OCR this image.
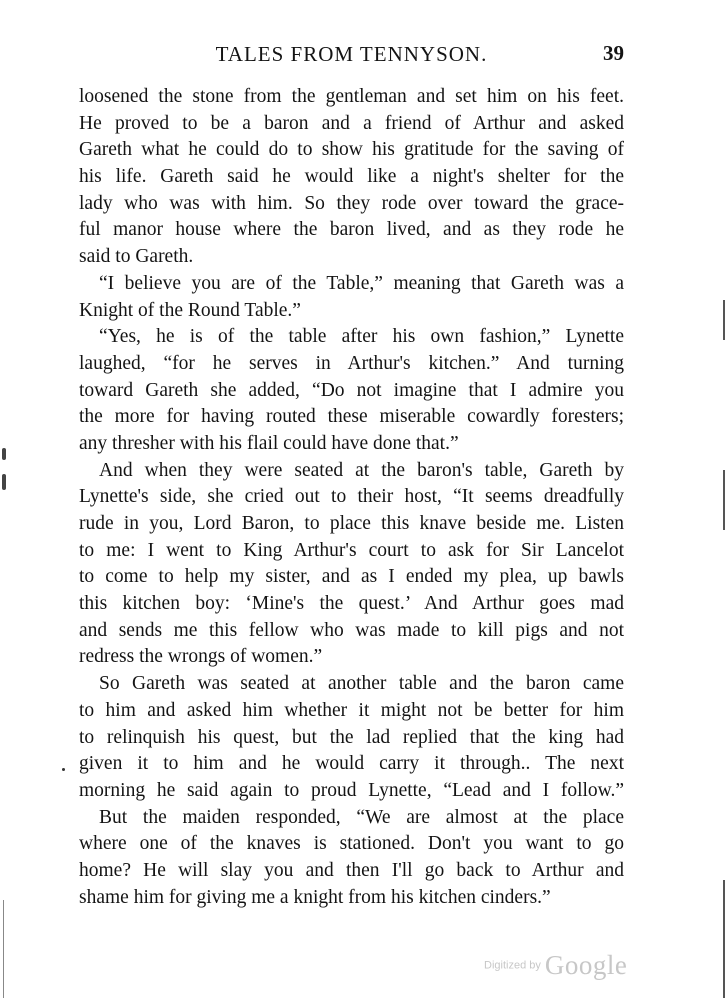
TALES FROM TENNYSON.	39
loosened the stone from the gentleman and set him on his feet.
He proved to be a baron and a friend of Arthur and asked
Gareth what he could do to show his gratitude for the saving of
his life. Gareth said he would like a night's shelter for the
lady who was with him. So they rode over toward the grace-
ful manor house where the baron lived, and as they rode he
said to Gareth.
“I believe you are of the Table,” meaning that Gareth was a
Knight of the Round Table.”
“Yes, he is of the table after his own fashion,” Lynette
laughed, “for he serves in Arthur's kitchen.” And turning
toward Gareth she added, “Do not imagine that I admire you
the more for having routed these miserable cowardly foresters;
any thresher with his flail could have done that.”
And when they were seated at the baron's table, Gareth by
Lynette's side, she cried out to their host, “It seems dreadfully
rude in you, Lord Baron, to place this knave beside me. Listen
to me: I went to King Arthur's court to ask for Sir Lancelot
to come to help my sister, and as I ended my plea, up bawls
this kitchen boy: ‘Mine's the quest.’ And Arthur goes mad
and sends me this fellow who was made to kill pigs and not
redress the wrongs of women.”
So Gareth was seated at another table and the baron came
to him and asked him whether it might not be better for him
to relinquish his quest, but the lad replied that the king had
given it to him and he would carry it through.. The next
morning he said again to proud Lynette, “Lead and I follow.”
But the maiden responded, “We are almost at the place
where one of the knaves is stationed. Don't you want to go
home? He will slay you and then I'll go back to Arthur and
shame him for giving me a knight from his kitchen cinders.”
Digitized by Google
